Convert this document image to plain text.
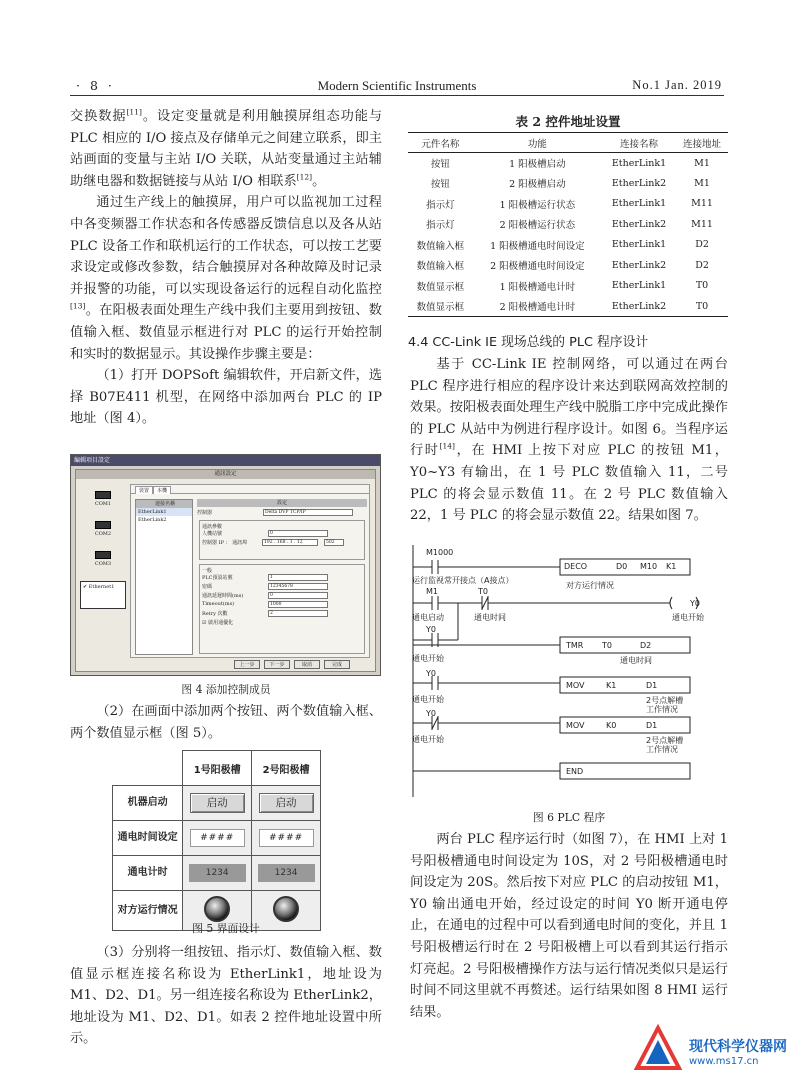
· 8 ·	Modern Scientific Instruments	No.1 Jan. 2019

交换数据[11]。设定变量就是利用触摸屏组态功能与PLC 相应的 I/O 接点及存储单元之间建立联系，即主站画面的变量与主站 I/O 关联，从站变量通过主站辅助继电器和数据链接与从站 I/O 相联系[12]。

通过生产线上的触摸屏，用户可以监视加工过程中各变频器工作状态和各传感器反馈信息以及各从站 PLC 设备工作和联机运行的工作状态，可以按工艺要求设定或修改参数，结合触摸屏对各种故障及时记录并报警的功能，可以实现设备运行的远程自动化监控[13]。在阳极表面处理生产线中我们主要用到按钮、数值输入框、数值显示框进行对 PLC 的运行开始控制和实时的数据显示。其设操作步骤主要是：

（1）打开 DOPSoft 编辑软件，开启新文件，选择 B07E411 机型，在网络中添加两台 PLC 的 IP 地址（图 4）。

編輯項目設定
通訊設定
COM1
COM2
COM3
✔ Ethernet1
裝置 本機
連接名稱
EtherLink1
EtherLink2
設定
控制器	Delta DVP TCP/IP
通訊參數
人機站號	0
控制器 IP ： 通訊埠	192 . 168 . 1 . 12	502
一般
PLC預設站號	1
密碼	12345678
通訊延遲時間(ms)	0
Timeout(ms)	1000
Retry 次數	2
☑ 啟用通優化
上一步	下一步	取消	完成
图 4 添加控制成员

（2）在画面中添加两个按钮、两个数值输入框、两个数值显示框（图 5）。

	1号阳极槽	2号阳极槽
机器启动	启动	启动
通电时间设定	####	####
通电计时	1234	1234
对方运行情况		
图 5 界面设计

（3）分别将一组按钮、指示灯、数值输入框、数值显示框连接名称设为 EtherLink1，地址设为 M1、D2、D1。另一组连接名称设为 EtherLink2，地址设为 M1、D2、D1。如表 2 控件地址设置中所示。

表 2 控件地址设置
元件名称	功能	连接名称	连接地址
按钮	1 阳极槽启动	EtherLink1	M1
按钮	2 阳极槽启动	EtherLink2	M1
指示灯	1 阳极槽运行状态	EtherLink1	M11
指示灯	2 阳极槽运行状态	EtherLink2	M11
数值输入框	1 阳极槽通电时间设定	EtherLink1	D2
数值输入框	2 阳极槽通电时间设定	EtherLink2	D2
数值显示框	1 阳极槽通电计时	EtherLink1	T0
数值显示框	2 阳极槽通电计时	EtherLink2	T0
4.4 CC-Link IE 现场总线的 PLC 程序设计

基于 CC-Link IE 控制网络，可以通过在两台 PLC 程序进行相应的程序设计来达到联网高效控制的效果。按阳极表面处理生产线中脱脂工序中完成此操作的 PLC 从站中为例进行程序设计。如图 6。当程序运行时[14]，在 HMI 上按下对应 PLC 的按钮 M1，Y0~Y3 有输出，在 1 号 PLC 数值输入 11，二号 PLC 的将会显示数值 11。在 2 号 PLC 数值输入 22，1 号 PLC 的将会显示数值 22。结果如图 7。

M1000
DECO	D0 M10 K1
运行监视常开接点（A接点）
对方运行情况
M1	T0
Y0
通电启动	通电时间	通电开始
Y0
通电开始
TMR T0	D2
通电时间
Y0
通电开始
MOV	K1	D1
2号点解槽
工作情况
Y0
通电开始
MOV	K0	D1
2号点解槽
工作情况
END
图 6 PLC 程序

两台 PLC 程序运行时（如图 7），在 HMI 上对 1 号阳极槽通电时间设定为 10S，对 2 号阳极槽通电时间设定为 20S。然后按下对应 PLC 的启动按钮 M1，Y0 输出通电开始，经过设定的时间 Y0 断开通电停止，在通电的过程中可以看到通电时间的变化，并且 1 号阳极槽运行时在 2 号阳极槽上可以看到其运行指示灯亮起。2 号阳极槽操作方法与运行情况类似只是运行时间不同这里就不再赘述。运行结果如图 8 HMI 运行结果。

现代科学仪器网
www.ms17.cn
